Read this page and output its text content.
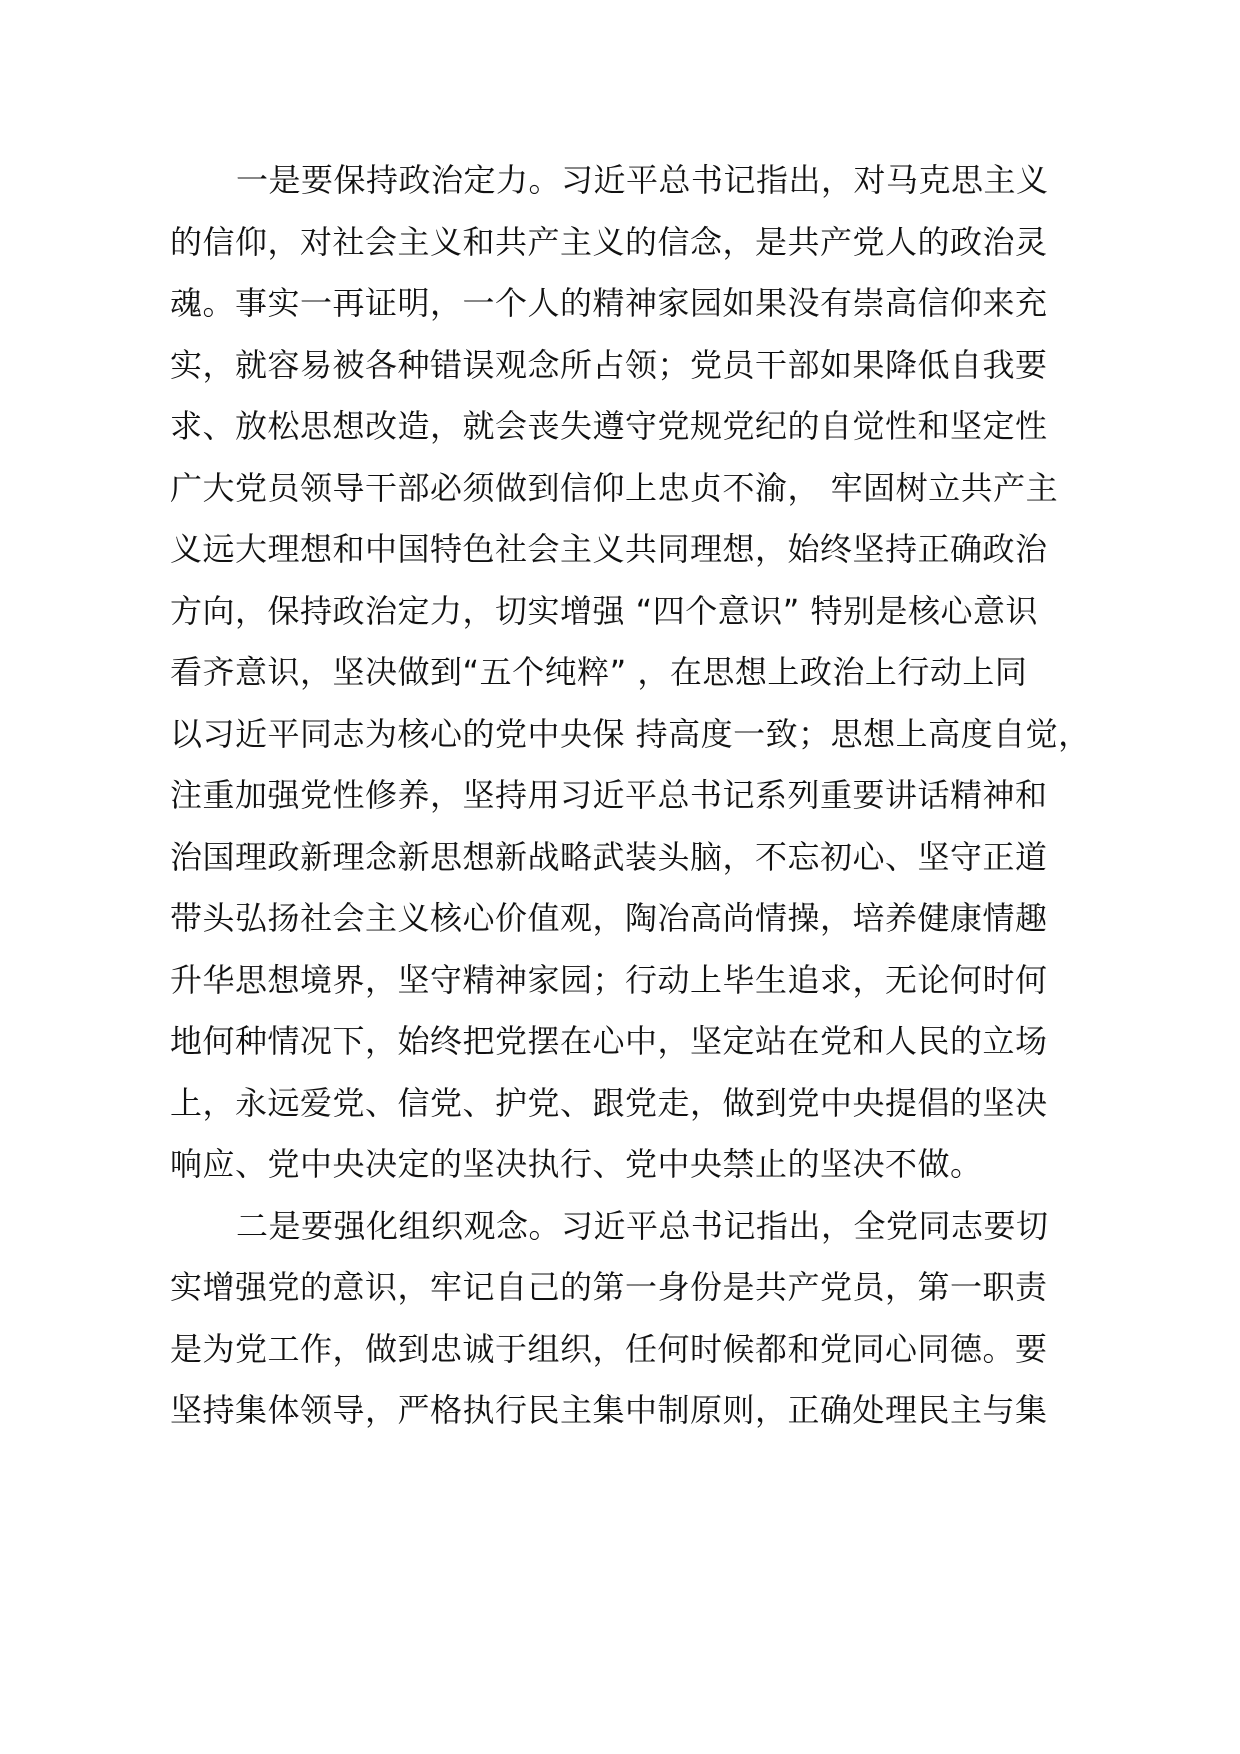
一是要保持政治定力。习近平总书记指出，对马克思主义
的信仰，对社会主义和共产主义的信念，是共产党人的政治灵
魂。事实一再证明，一个人的精神家园如果没有崇高信仰来充
实，就容易被各种错误观念所占领；党员干部如果降低自我要
求、放松思想改造，就会丧失遵守党规党纪的自觉性和坚定性
广大党员领导干部必须做到信仰上忠贞不渝， 牢固树立共产主
义远大理想和中国特色社会主义共同理想，始终坚持正确政治
方向，保持政治定力，切实增强 “四个意识” 特别是核心意识
看齐意识，坚决做到“五个纯粹” ，在思想上政治上行动上同
以习近平同志为核心的党中央保 持高度一致；思想上高度自觉，
注重加强党性修养，坚持用习近平总书记系列重要讲话精神和
治国理政新理念新思想新战略武装头脑，不忘初心、坚守正道
带头弘扬社会主义核心价值观，陶冶高尚情操，培养健康情趣
升华思想境界，坚守精神家园；行动上毕生追求，无论何时何
地何种情况下，始终把党摆在心中，坚定站在党和人民的立场
上，永远爱党、信党、护党、跟党走，做到党中央提倡的坚决
响应、党中央决定的坚决执行、党中央禁止的坚决不做。
二是要强化组织观念。习近平总书记指出，全党同志要切
实增强党的意识，牢记自己的第一身份是共产党员，第一职责
是为党工作，做到忠诚于组织，任何时候都和党同心同德。要
坚持集体领导，严格执行民主集中制原则，正确处理民主与集
